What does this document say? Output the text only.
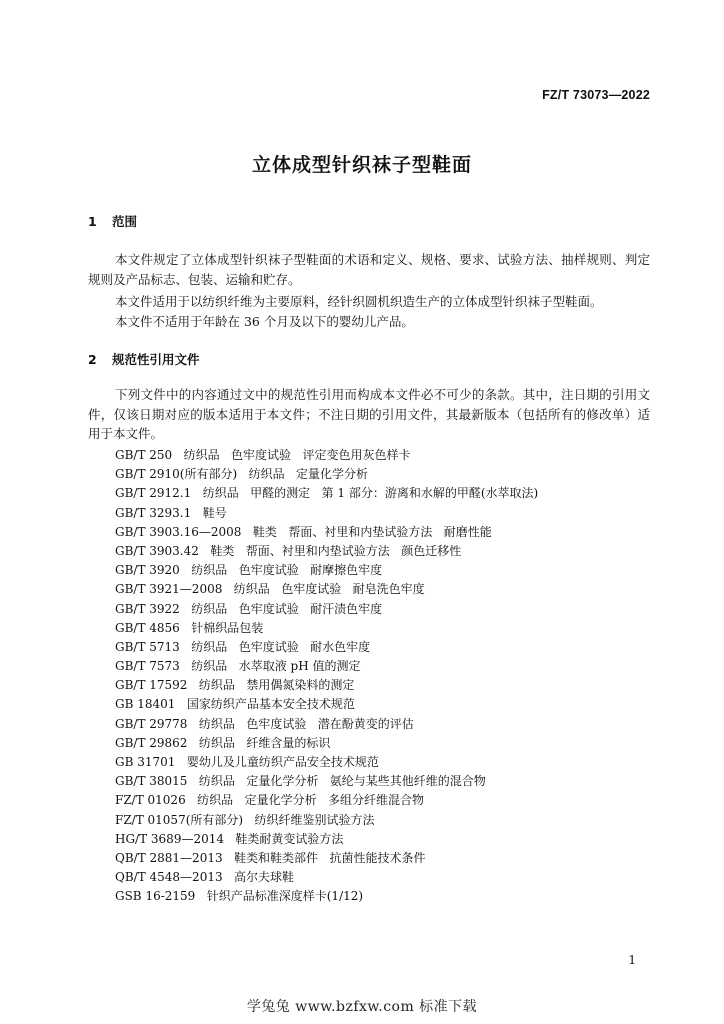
FZ/T 73073—2022
立体成型针织袜子型鞋面
1 范围

本文件规定了立体成型针织袜子型鞋面的术语和定义、规格、要求、试验方法、抽样规则、判定规则及产品标志、包装、运输和贮存。

本文件适用于以纺织纤维为主要原料，经针织圆机织造生产的立体成型针织袜子型鞋面。

本文件不适用于年龄在 36 个月及以下的婴幼儿产品。

2 规范性引用文件

下列文件中的内容通过文中的规范性引用而构成本文件必不可少的条款。其中，注日期的引用文件，仅该日期对应的版本适用于本文件；不注日期的引用文件，其最新版本（包括所有的修改单）适用于本文件。

GB/T 250   纺织品   色牢度试验   评定变色用灰色样卡
GB/T 2910(所有部分)   纺织品   定量化学分析
GB/T 2912.1   纺织品   甲醛的测定   第 1 部分：游离和水解的甲醛(水萃取法)
GB/T 3293.1   鞋号
GB/T 3903.16—2008   鞋类   帮面、衬里和内垫试验方法   耐磨性能
GB/T 3903.42   鞋类   帮面、衬里和内垫试验方法   颜色迁移性
GB/T 3920   纺织品   色牢度试验   耐摩擦色牢度
GB/T 3921—2008   纺织品   色牢度试验   耐皂洗色牢度
GB/T 3922   纺织品   色牢度试验   耐汗渍色牢度
GB/T 4856   针棉织品包装
GB/T 5713   纺织品   色牢度试验   耐水色牢度
GB/T 7573   纺织品   水萃取液 pH 值的测定
GB/T 17592   纺织品   禁用偶氮染料的测定
GB 18401   国家纺织产品基本安全技术规范
GB/T 29778   纺织品   色牢度试验   潜在酚黄变的评估
GB/T 29862   纺织品   纤维含量的标识
GB 31701   婴幼儿及儿童纺织产品安全技术规范
GB/T 38015   纺织品   定量化学分析   氨纶与某些其他纤维的混合物
FZ/T 01026   纺织品   定量化学分析   多组分纤维混合物
FZ/T 01057(所有部分)   纺织纤维鉴别试验方法
HG/T 3689—2014   鞋类耐黄变试验方法
QB/T 2881—2013   鞋类和鞋类部件   抗菌性能技术条件
QB/T 4548—2013   高尔夫球鞋
GSB 16-2159   针织产品标准深度样卡(1/12)
1
学兔兔 www.bzfxw.com 标准下载
